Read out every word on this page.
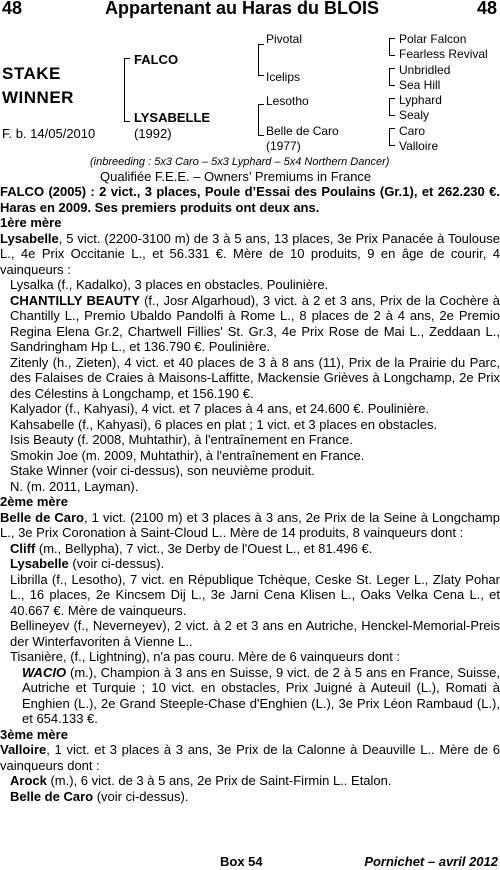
48	Appartenant au Haras du BLOIS	48
STAKE
WINNER
F. b. 14/05/2010
FALCO
LYSABELLE
(1992)
Pivotal
Icelips
Lesotho
Belle de Caro
(1977)
Polar Falcon
Fearless Revival
Unbridled
Sea Hill
Lyphard
Sealy
Caro
Valloire
(inbreeding : 5x3 Caro – 5x3 Lyphard – 5x4 Northern Dancer)
Qualifiée F.E.E. – Owners’ Premiums in France
FALCO (2005) : 2 vict., 3 places, Poule d’Essai des Poulains (Gr.1), et 262.230 €. Haras en 2009. Ses premiers produits ont deux ans.
1ère mère
Lysabelle, 5 vict. (2200-3100 m) de 3 à 5 ans, 13 places, 3e Prix Panacée à Toulouse L., 4e Prix Occitanie L., et 56.331 €. Mère de 10 produits, 9 en âge de courir, 4 vainqueurs :
Lysalka (f., Kadalko), 3 places en obstacles. Poulinière.
CHANTILLY BEAUTY (f., Josr Algarhoud), 3 vict. à 2 et 3 ans, Prix de la Cochère à Chantilly L., Premio Ubaldo Pandolfi à Rome L., 8 places de 2 à 4 ans, 2e Premio Regina Elena Gr.2, Chartwell Fillies' St. Gr.3, 4e Prix Rose de Mai L., Zeddaan L., Sandringham Hp L., et 136.790 €. Poulinière.
Zitenly (h., Zieten), 4 vict. et 40 places de 3 à 8 ans (11), Prix de la Prairie du Parc, des Falaises de Craies à Maisons-Laffitte, Mackensie Grièves à Longchamp, 2e Prix des Célestins à Longchamp, et 156.190 €.
Kalyador (f., Kahyasi), 4 vict. et 7 places à 4 ans, et 24.600 €. Poulinière.
Kahsabelle (f., Kahyasi), 6 places en plat ; 1 vict. et 3 places en obstacles.
Isis Beauty (f. 2008, Muhtathir), à l'entraînement en France.
Smokin Joe (m. 2009, Muhtathir), à l'entraînement en France.
Stake Winner (voir ci-dessus), son neuvième produit.
N. (m. 2011, Layman).
2ème mère
Belle de Caro, 1 vict. (2100 m) et 3 places à 3 ans, 2e Prix de la Seine à Longchamp L., 3e Prix Coronation à Saint-Cloud L.. Mère de 14 produits, 8 vainqueurs dont :
Cliff (m., Bellypha), 7 vict., 3e Derby de l'Ouest L., et 81.496 €.
Lysabelle (voir ci-dessus).
Librilla (f., Lesotho), 7 vict. en République Tchèque, Ceske St. Leger L., Zlaty Pohar L., 16 places, 2e Kincsem Dij L., 3e Jarni Cena Klisen L., Oaks Velka Cena L., et 40.667 €. Mère de vainqueurs.
Bellineyev (f., Neverneyev), 2 vict. à 2 et 3 ans en Autriche, Henckel-Memorial-Preis der Winterfavoriten à Vienne L..
Tisanière, (f., Lightning), n'a pas couru. Mère de 6 vainqueurs dont :
WACIO (m.), Champion à 3 ans en Suisse, 9 vict. de 2 à 5 ans en France, Suisse, Autriche et Turquie ; 10 vict. en obstacles, Prix Juigné à Auteuil (L.), Romati à Enghien (L.), 2e Grand Steeple-Chase d'Enghien (L.), 3e Prix Léon Rambaud (L.), et 654.133 €.
3ème mère
Valloire, 1 vict. et 3 places à 3 ans, 3e Prix de la Calonne à Deauville L.. Mère de 6 vainqueurs dont :
Arock (m.), 6 vict. de 3 à 5 ans, 2e Prix de Saint-Firmin L.. Etalon.
Belle de Caro (voir ci-dessus).
Box 54	Pornichet – avril 2012
